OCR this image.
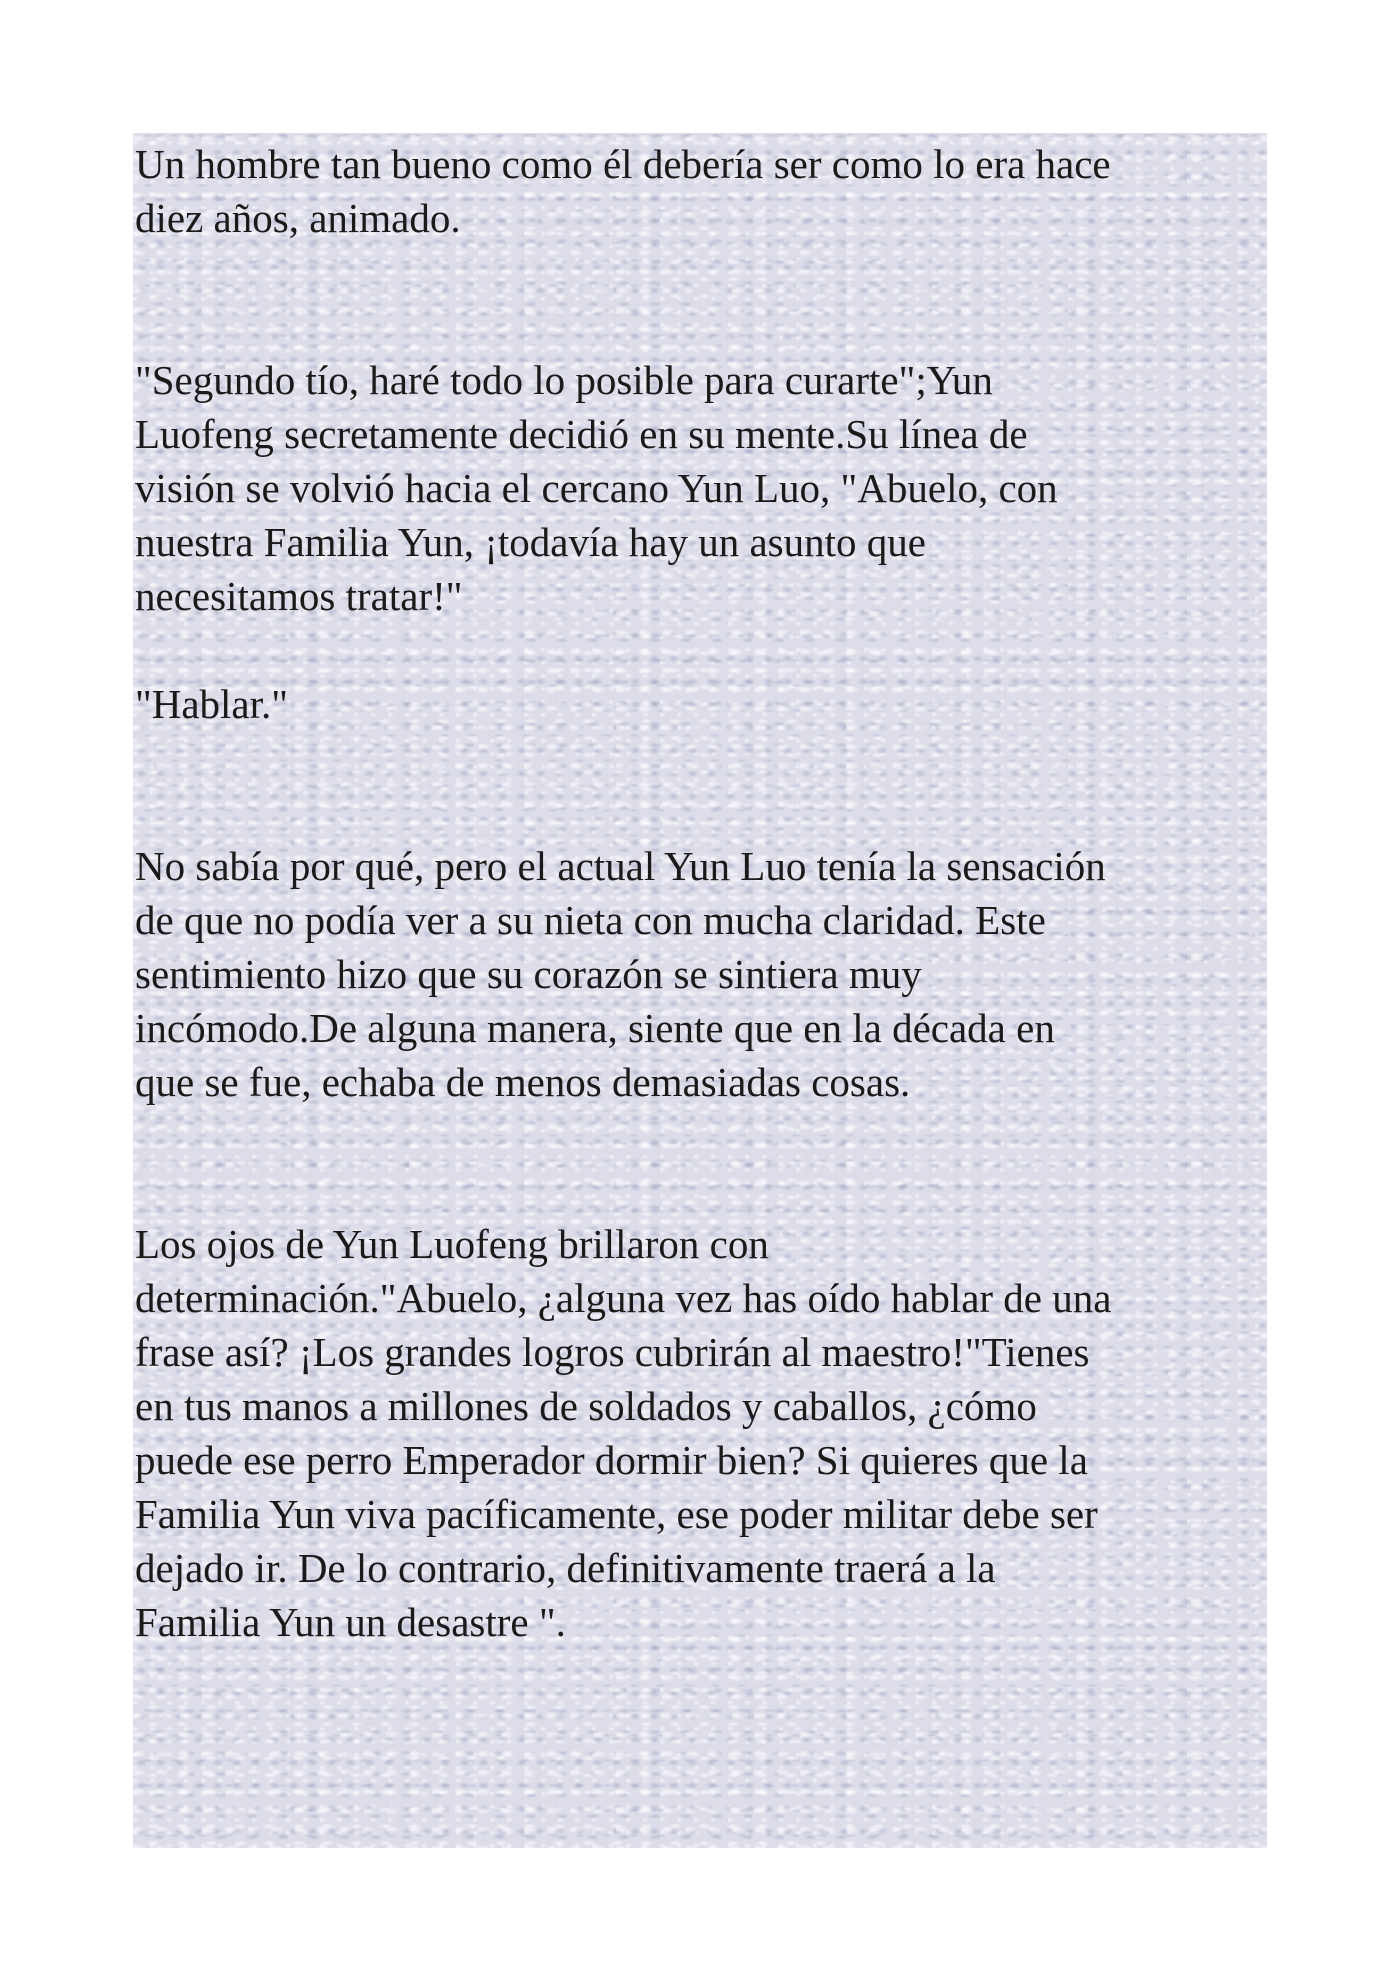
Un hombre tan bueno como él debería ser como lo era hace
diez años, animado.

"Segundo tío, haré todo lo posible para curarte";Yun
Luofeng secretamente decidió en su mente.Su línea de
visión se volvió hacia el cercano Yun Luo, "Abuelo, con
nuestra Familia Yun, ¡todavía hay un asunto que
necesitamos tratar!"

"Hablar."

No sabía por qué, pero el actual Yun Luo tenía la sensación
de que no podía ver a su nieta con mucha claridad. Este
sentimiento hizo que su corazón se sintiera muy
incómodo.De alguna manera, siente que en la década en
que se fue, echaba de menos demasiadas cosas.

Los ojos de Yun Luofeng brillaron con
determinación."Abuelo, ¿alguna vez has oído hablar de una
frase así? ¡Los grandes logros cubrirán al maestro!"Tienes
en tus manos a millones de soldados y caballos, ¿cómo
puede ese perro Emperador dormir bien? Si quieres que la
Familia Yun viva pacíficamente, ese poder militar debe ser
dejado ir. De lo contrario, definitivamente traerá a la
Familia Yun un desastre ".
